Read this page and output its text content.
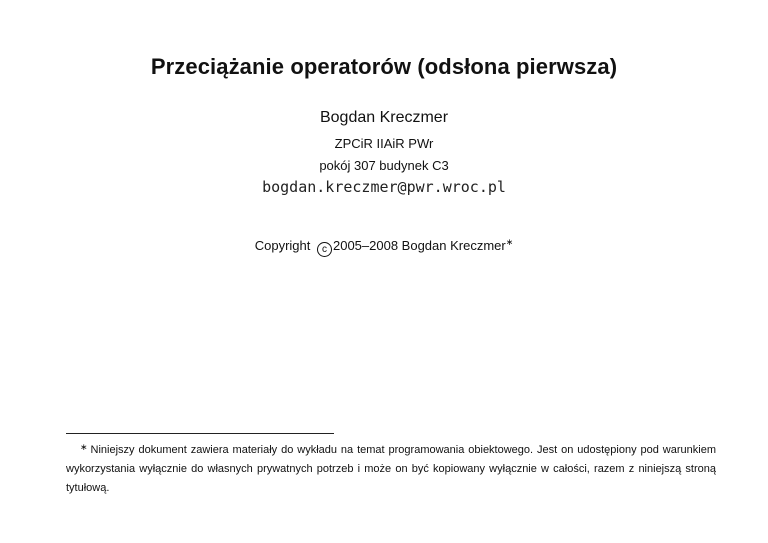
Przeciążanie operatorów (odsłona pierwsza)
Bogdan Kreczmer
ZPCiR IIAiR PWr
pokój 307 budynek C3
bogdan.kreczmer@pwr.wroc.pl
Copyright c 2005–2008 Bogdan Kreczmer∗
∗ Niniejszy dokument zawiera materiały do wykładu na temat programowania obiektowego. Jest on udostępiony pod warunkiem wykorzystania wyłącznie do własnych prywatnych potrzeb i może on być kopiowany wyłącznie w całości, razem z niniejszą stroną tytułową.
